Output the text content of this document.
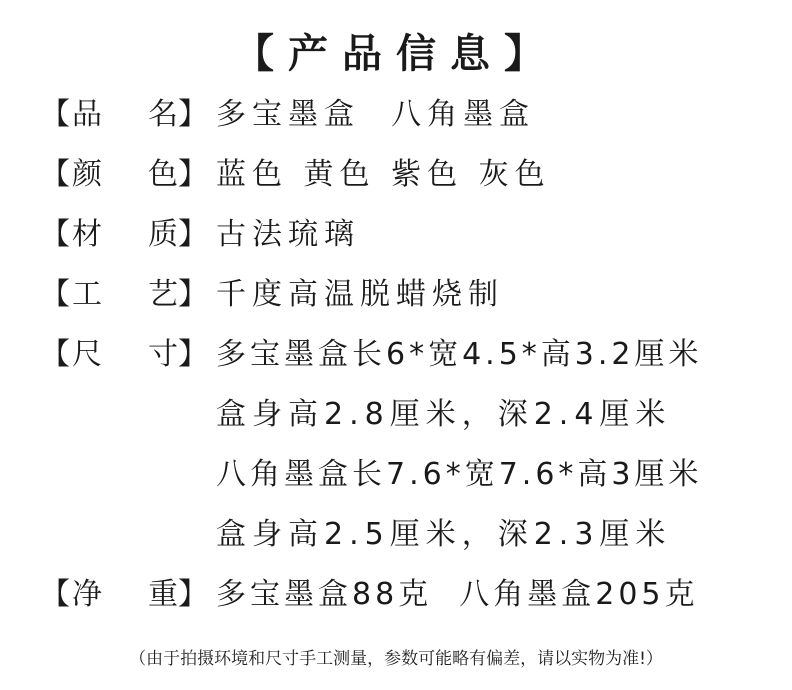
【产品信息】
【 品 名 】 多宝墨盒  八角墨盒
【 颜 色 】 蓝色 黄色 紫色 灰色
【 材 质 】 古法琉璃
【 工 艺 】 千度高温脱蜡烧制
【 尺 寸 】 多宝墨盒长6*宽4.5*高3.2厘米
盒身高2.8厘米，深2.4厘米
八角墨盒长7.6*宽7.6*高3厘米
盒身高2.5厘米，深2.3厘米
【 净 重 】 多宝墨盒88克  八角墨盒205克
（由于拍摄环境和尺寸手工测量，参数可能略有偏差，请以实物为准!）
